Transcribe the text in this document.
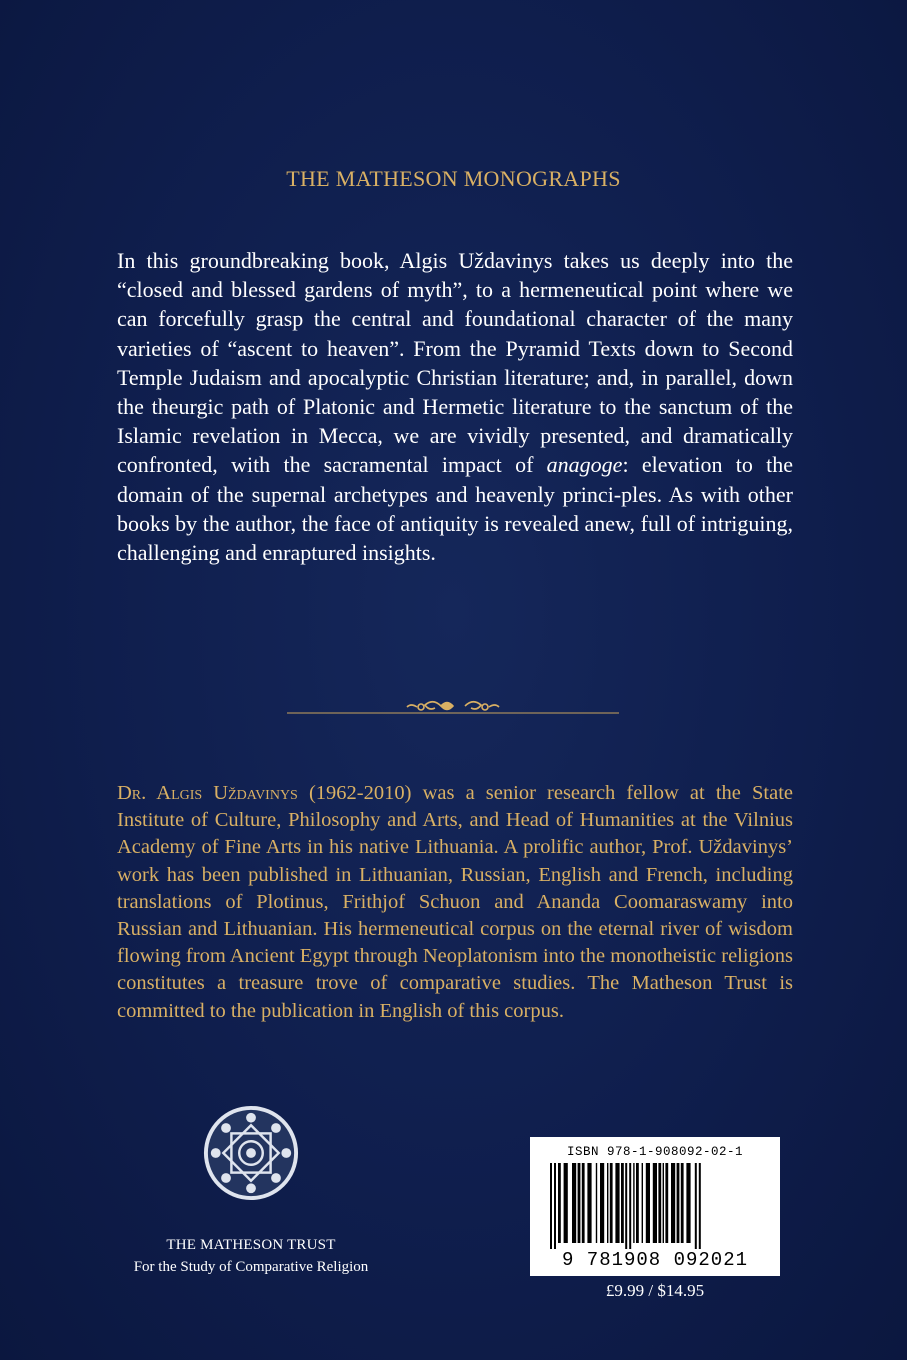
THE MATHESON MONOGRAPHS

In this groundbreaking book, Algis Uždavinys takes us deeply into the “closed and blessed gardens of myth”, to a hermeneutical point where we can forcefully grasp the central and foundational character of the many varieties of “ascent to heaven”. From the Pyramid Texts down to Second Temple Judaism and apocalyptic Christian literature; and, in parallel, down the theurgic path of Platonic and Hermetic literature to the sanctum of the Islamic revelation in Mecca, we are vividly presented, and dramatically confronted, with the sacramental impact of anagoge: elevation to the domain of the supernal archetypes and heavenly princi-ples. As with other books by the author, the face of antiquity is revealed anew, full of intriguing, challenging and enraptured insights.

Dr. Algis Uždavinys (1962-2010) was a senior research fellow at the State Institute of Culture, Philosophy and Arts, and Head of Humanities at the Vilnius Academy of Fine Arts in his native Lithuania. A prolific author, Prof. Uždavinys’ work has been published in Lithuanian, Russian, English and French, including translations of Plotinus, Frithjof Schuon and Ananda Coomaraswamy into Russian and Lithuanian. His hermeneutical corpus on the eternal river of wisdom flowing from Ancient Egypt through Neoplatonism into the monotheistic religions constitutes a treasure trove of comparative studies. The Matheson Trust is committed to the publication in English of this corpus.

THE MATHESON TRUST
For the Study of Comparative Religion
ISBN 978-1-908092-02-1
9 781908 092021
£9.99 / $14.95
